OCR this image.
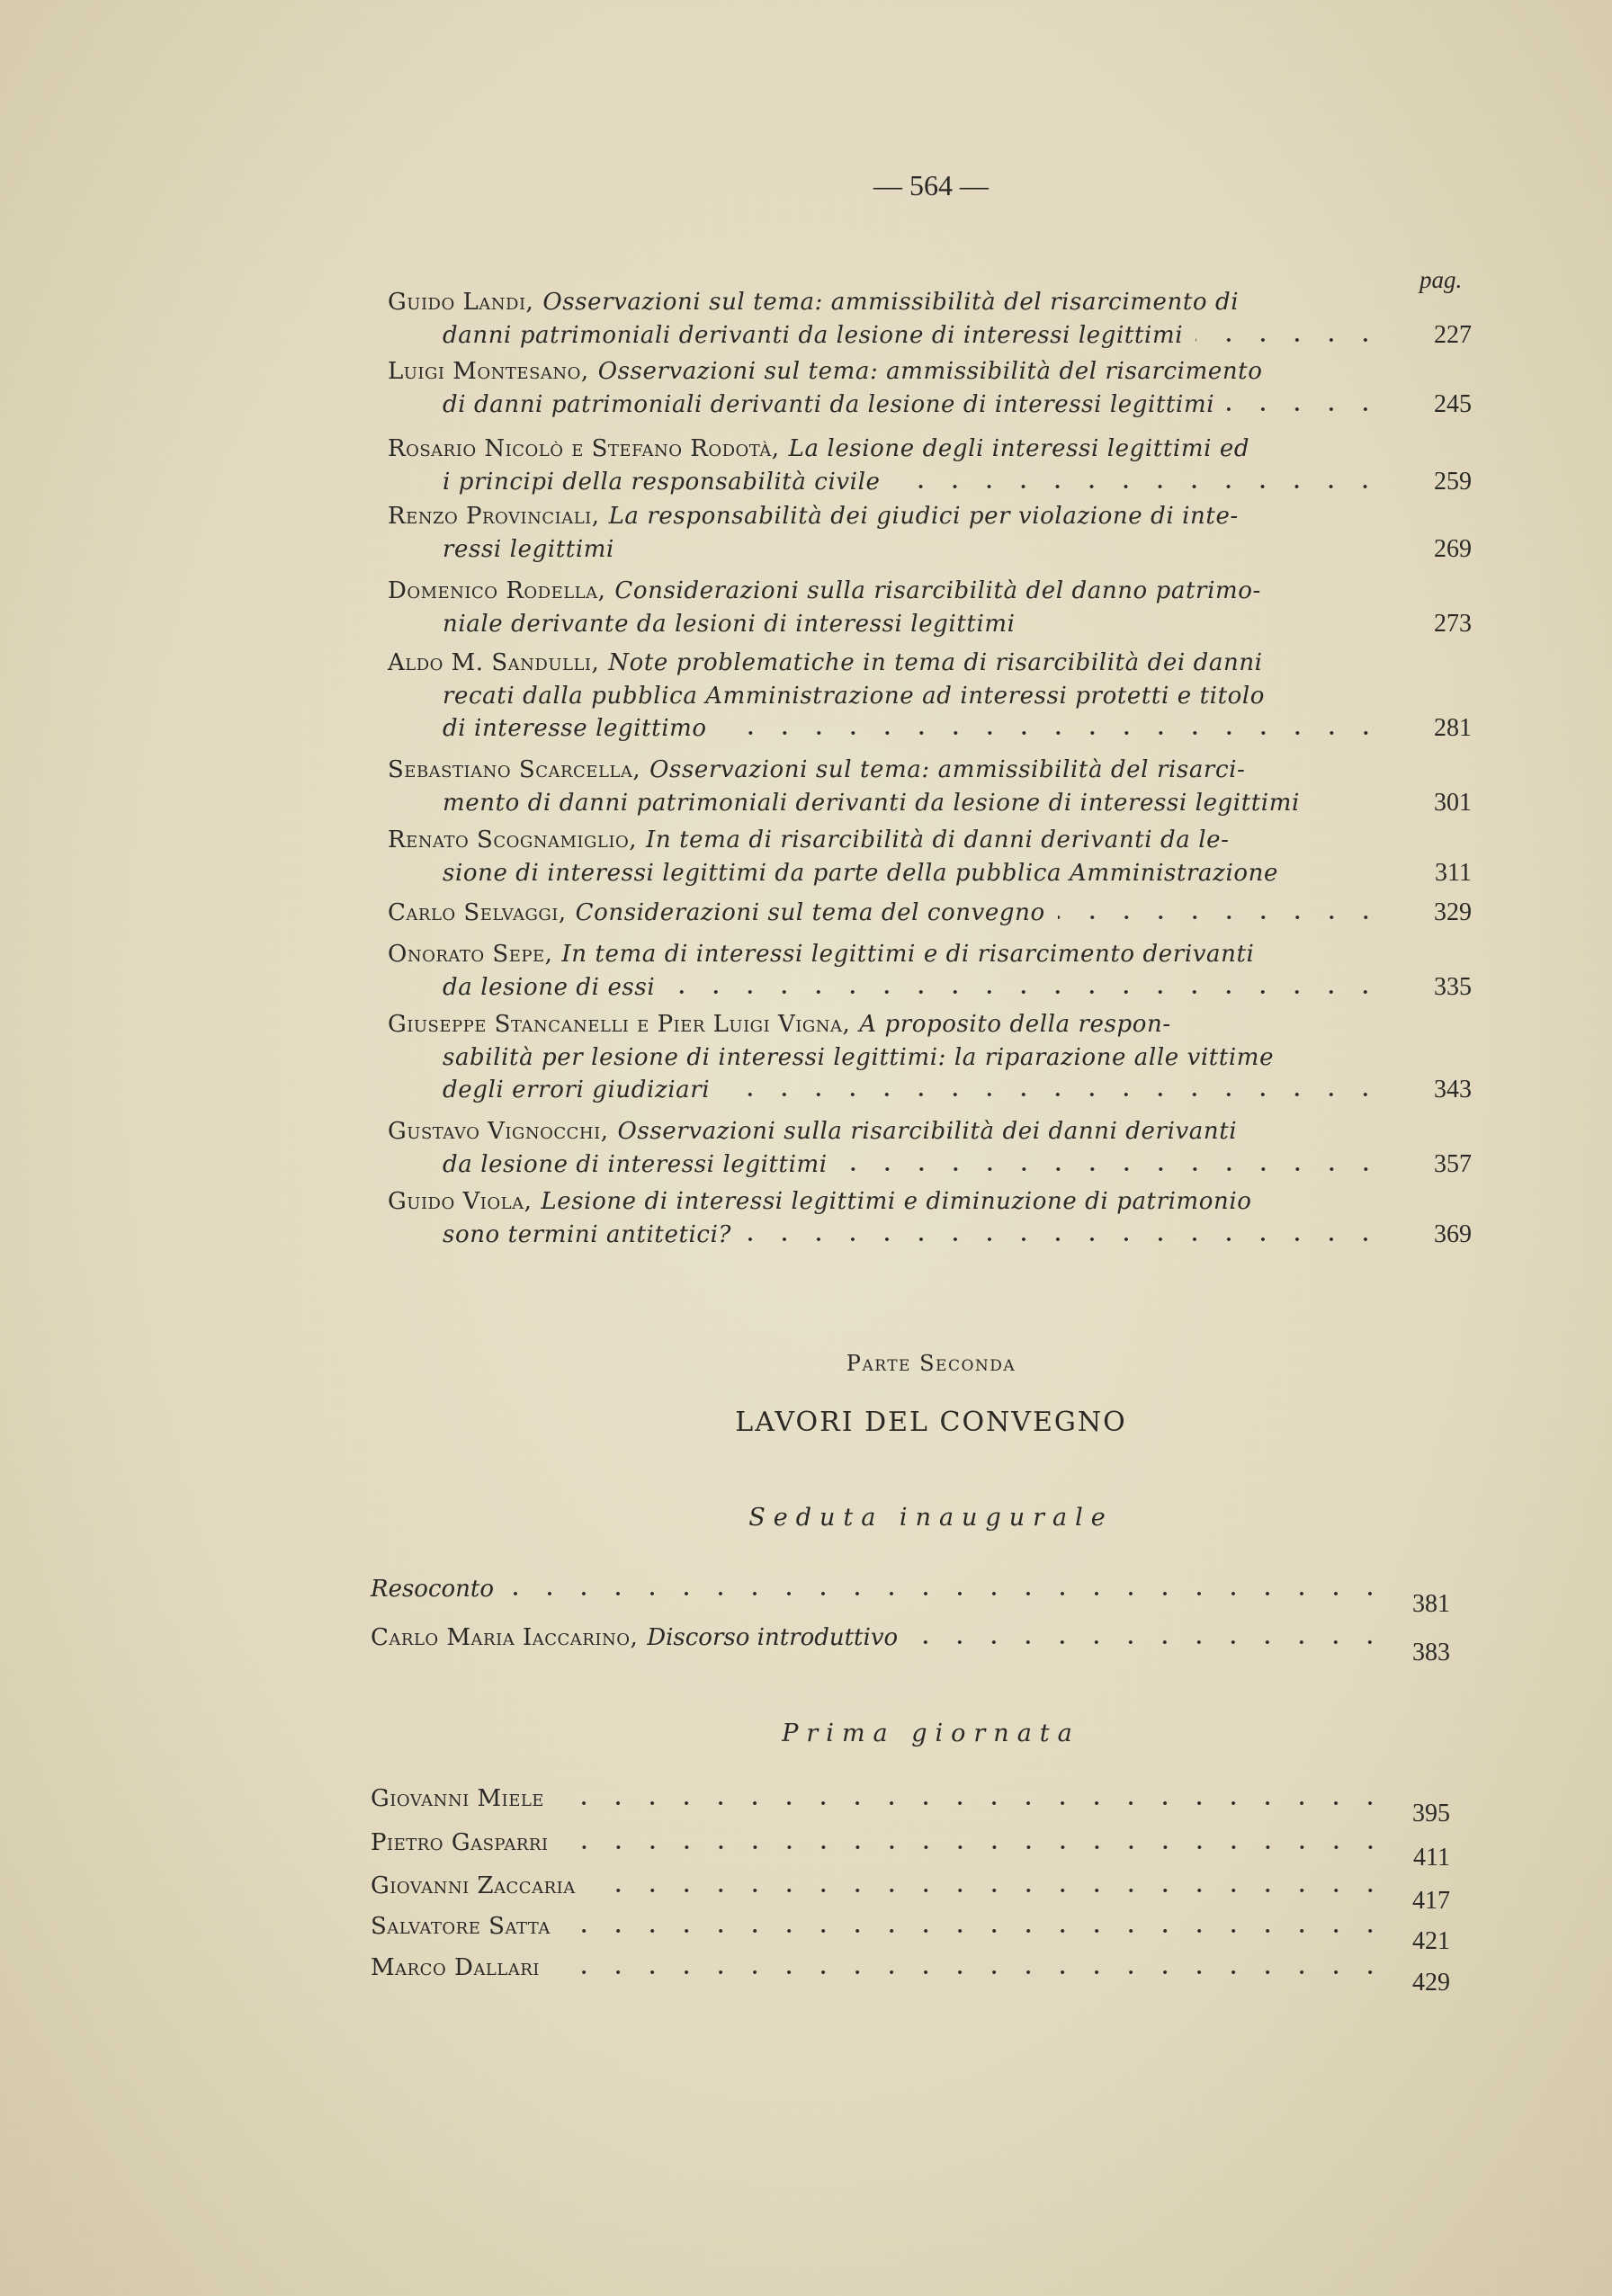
— 564 —
pag.
Guido Landi, Osservazioni sul tema: ammissibilità del risarcimento di
227
danni patrimoniali derivanti da lesione di interessi legittimi
Luigi Montesano, Osservazioni sul tema: ammissibilità del risarcimento
245
di danni patrimoniali derivanti da lesione di interessi legittimi
Rosario Nicolò e Stefano Rodotà, La lesione degli interessi legittimi ed
259
i principi della responsabilità civile
Renzo Provinciali, La responsabilità dei giudici per violazione di inte-
269
ressi legittimi
Domenico Rodella, Considerazioni sulla risarcibilità del danno patrimo-
273
niale derivante da lesioni di interessi legittimi
Aldo M. Sandulli, Note problematiche in tema di risarcibilità dei danni
recati dalla pubblica Amministrazione ad interessi protetti e titolo
281
di interesse legittimo
Sebastiano Scarcella, Osservazioni sul tema: ammissibilità del risarci-
301
mento di danni patrimoniali derivanti da lesione di interessi legittimi
Renato Scognamiglio, In tema di risarcibilità di danni derivanti da le-
311
sione di interessi legittimi da parte della pubblica Amministrazione
329
Carlo Selvaggi, Considerazioni sul tema del convegno
Onorato Sepe, In tema di interessi legittimi e di risarcimento derivanti
335
da lesione di essi
Giuseppe Stancanelli e Pier Luigi Vigna, A proposito della respon-
sabilità per lesione di interessi legittimi: la riparazione alle vittime
343
degli errori giudiziari
Gustavo Vignocchi, Osservazioni sulla risarcibilità dei danni derivanti
357
da lesione di interessi legittimi
Guido Viola, Lesione di interessi legittimi e diminuzione di patrimonio
369
sono termini antitetici?
Parte Seconda
LAVORI DEL CONVEGNO
Seduta inaugurale
Resoconto
381
Carlo Maria Iaccarino, Discorso introduttivo
383
Prima giornata
Giovanni Miele
395
Pietro Gasparri
411
Giovanni Zaccaria
417
Salvatore Satta
421
Marco Dallari
429
